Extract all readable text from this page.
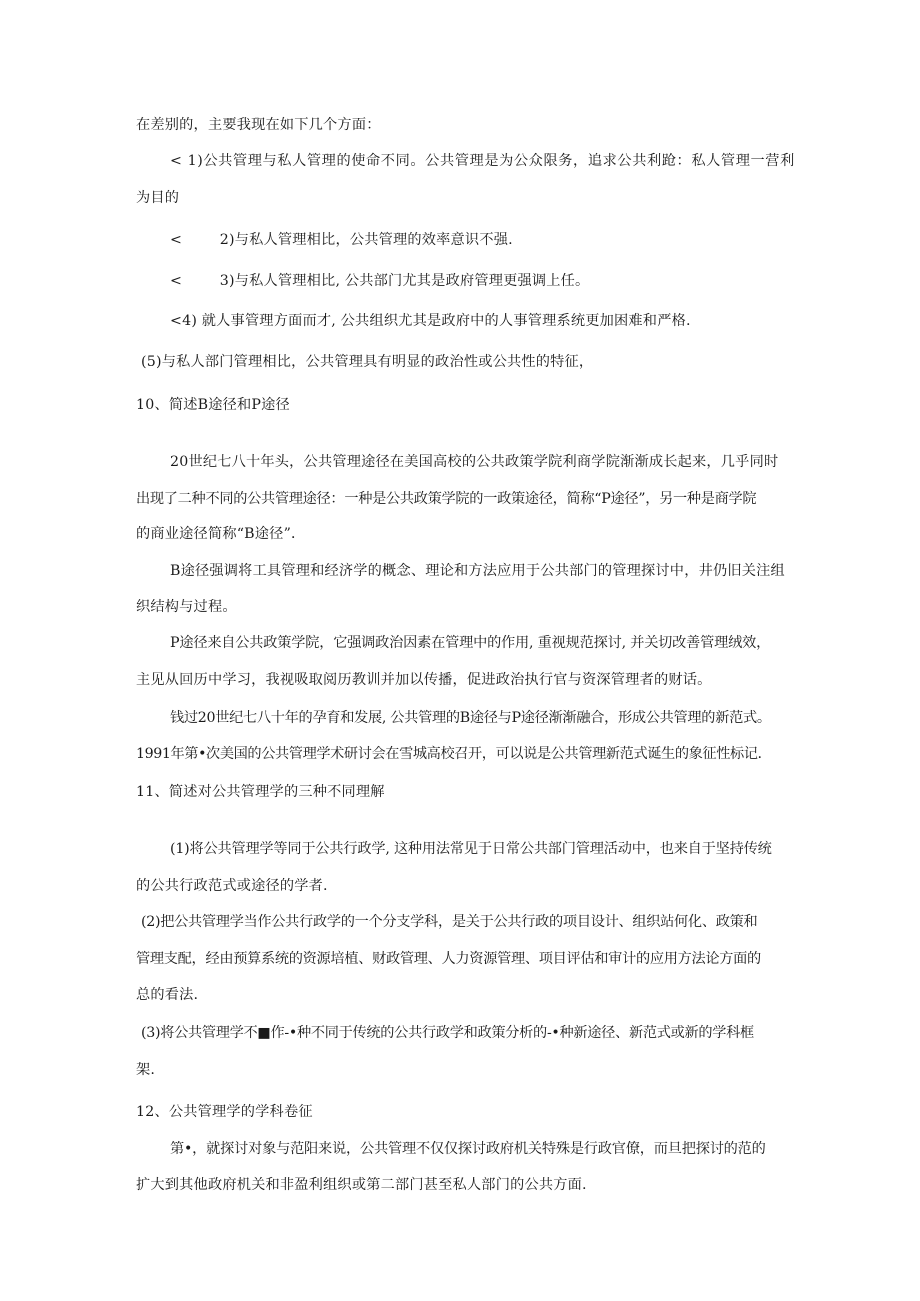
在差别的，主要我现在如下几个方面：
< 1)公共管理与私人管理的使命不同。公共管理是为公众限务，追求公共利跄：私人管理一营利
为目的
<        2)与私人管理相比，公共管理的效率意识不强.
<        3)与私人管理相比, 公共部门尤其是政府管理更强调上任。
<4) 就人事管理方面而才, 公共组织尤其是政府中的人事管理系统更加困难和严格.
(5)与私人部门管理相比，公共管理具有明显的政治性或公共性的特征，
10、简述B途径和P途径
20世纪七八十年头，公共管理途径在美国高校的公共政策学院利商学院渐渐成长起来，几乎同时
出现了二种不同的公共管理途径：一种是公共政策学院的一政策途径，简称“P途径”，另一种是商学院
的商业途径简称“B途径”．
B途径强调将工具管理和经济学的概念、理论和方法应用于公共部门的管理探讨中，井仍旧关注组
织结构与过程。
P途径来自公共政策学院，它强调政治因素在管理中的作用, 重视规范探讨, 并关切改善管理绒效，
主见从回历中学习，我视吸取阅历教训并加以传播，促进政治执行官与资深管理者的财话。
钱过20世纪七八十年的孕育和发展, 公共管理的B途径与P途径渐渐融合，形成公共管理的新范式。
1991年第•次美国的公共管理学术研讨会在雪城高校召开，可以说是公共管理新范式诞生的象征性标记.
11、简述对公共管理学的三种不同理解
(1)将公共管理学等同于公共行政学, 这种用法常见于日常公共部门管理活动中，也来自于坚持传统
的公共行政范式或途径的学者.
(2)把公共管理学当作公共行政学的一个分支学科，是关于公共行政的项目设计、组织站何化、政策和
管理支配，经由预算系统的资源培植、财政管理、人力资源管理、项目评估和审计的应用方法论方面的
总的看法.
(3)将公共管理学不■作-•种不同于传统的公共行政学和政策分析的-•种新途径、新范式或新的学科框
架.
12、公共管理学的学科卷征
第•，就探讨对象与范阳来说，公共管理不仅仅探讨政府机关特殊是行政官僚，而旦把探讨的范的
扩大到其他政府机关和非盈利组织或第二部门甚至私人部门的公共方面.
